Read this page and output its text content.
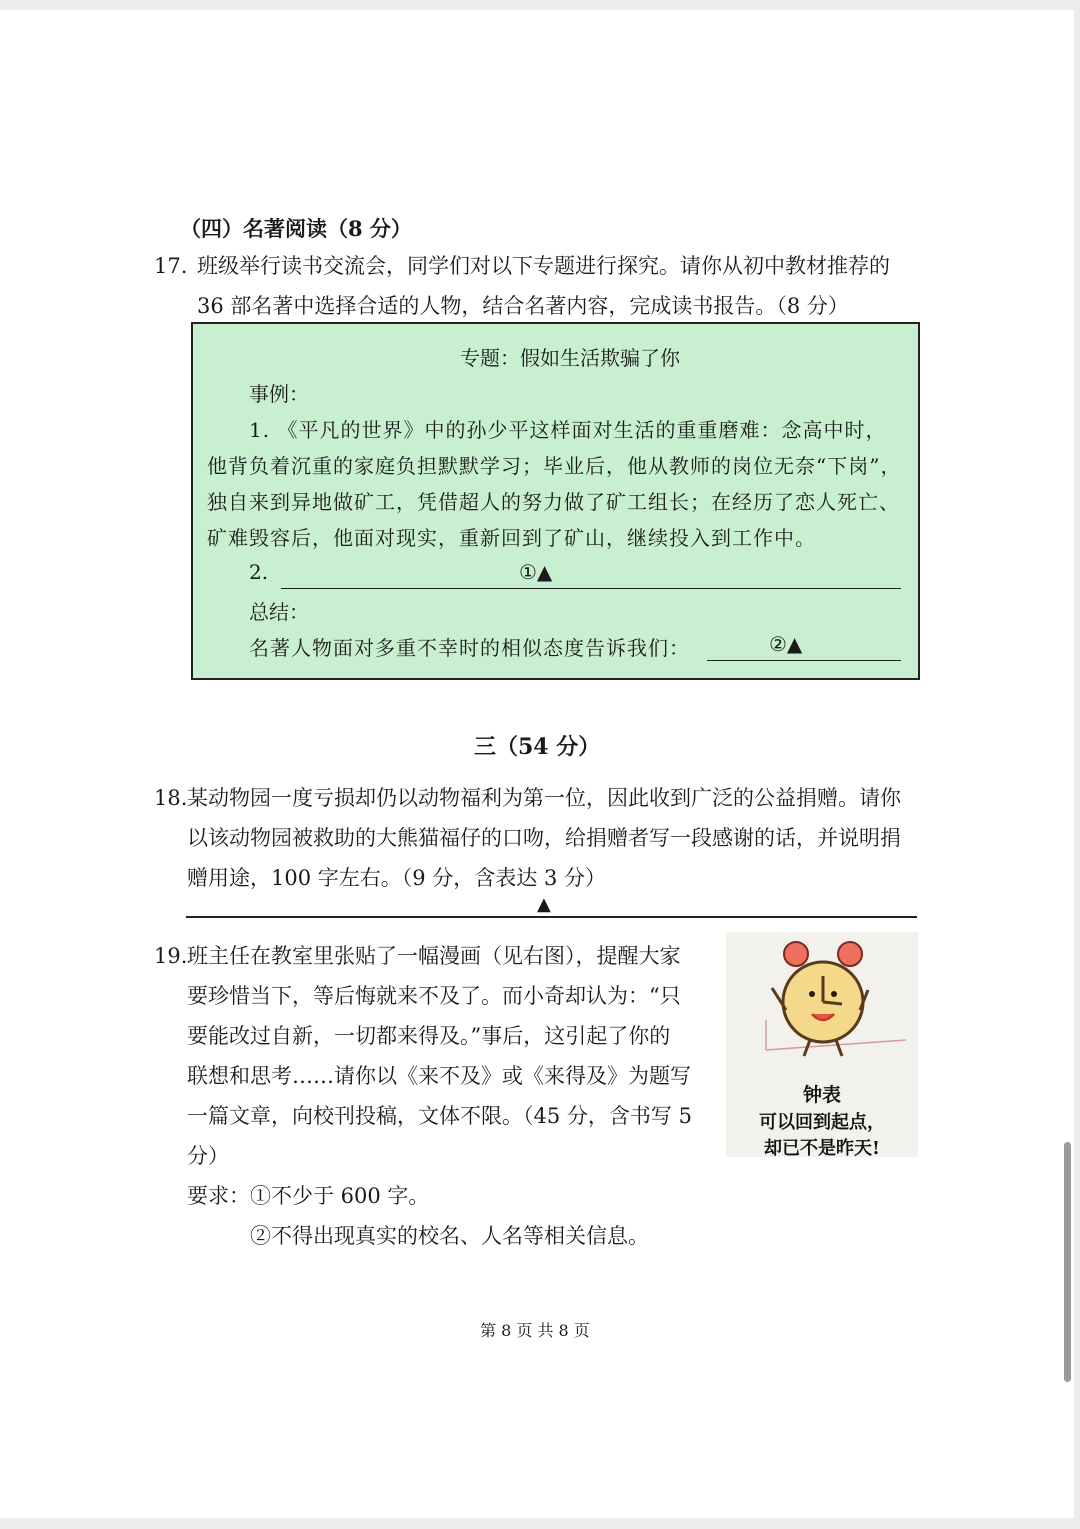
（四）名著阅读（8 分）
17. 班级举行读书交流会，同学们对以下专题进行探究。请你从初中教材推荐的
36 部名著中选择合适的人物，结合名著内容，完成读书报告。（8 分）
专题：假如生活欺骗了你
事例：
1. 《平凡的世界》中的孙少平这样面对生活的重重磨难：念高中时，
他背负着沉重的家庭负担默默学习；毕业后，他从教师的岗位无奈“下岗”，
独自来到异地做矿工，凭借超人的努力做了矿工组长；在经历了恋人死亡、
矿难毁容后，他面对现实，重新回到了矿山，继续投入到工作中。
2.	①▲
总结：
名著人物面对多重不幸时的相似态度告诉我们：	②▲
三（54 分）
18. 某动物园一度亏损却仍以动物福利为第一位，因此收到广泛的公益捐赠。请你
以该动物园被救助的大熊猫福仔的口吻，给捐赠者写一段感谢的话，并说明捐
赠用途，100 字左右。（9 分，含表达 3 分）
▲
19. 班主任在教室里张贴了一幅漫画（见右图），提醒大家
要珍惜当下，等后悔就来不及了。而小奇却认为：“只
要能改过自新，一切都来得及。”事后，这引起了你的
联想和思考……请你以《来不及》或《来得及》为题写
一篇文章，向校刊投稿，文体不限。（45 分，含书写 5
分）
要求：①不少于 600 字。
②不得出现真实的校名、人名等相关信息。
钟表
可以回到起点，
却已不是昨天!
第 8 页 共 8 页
